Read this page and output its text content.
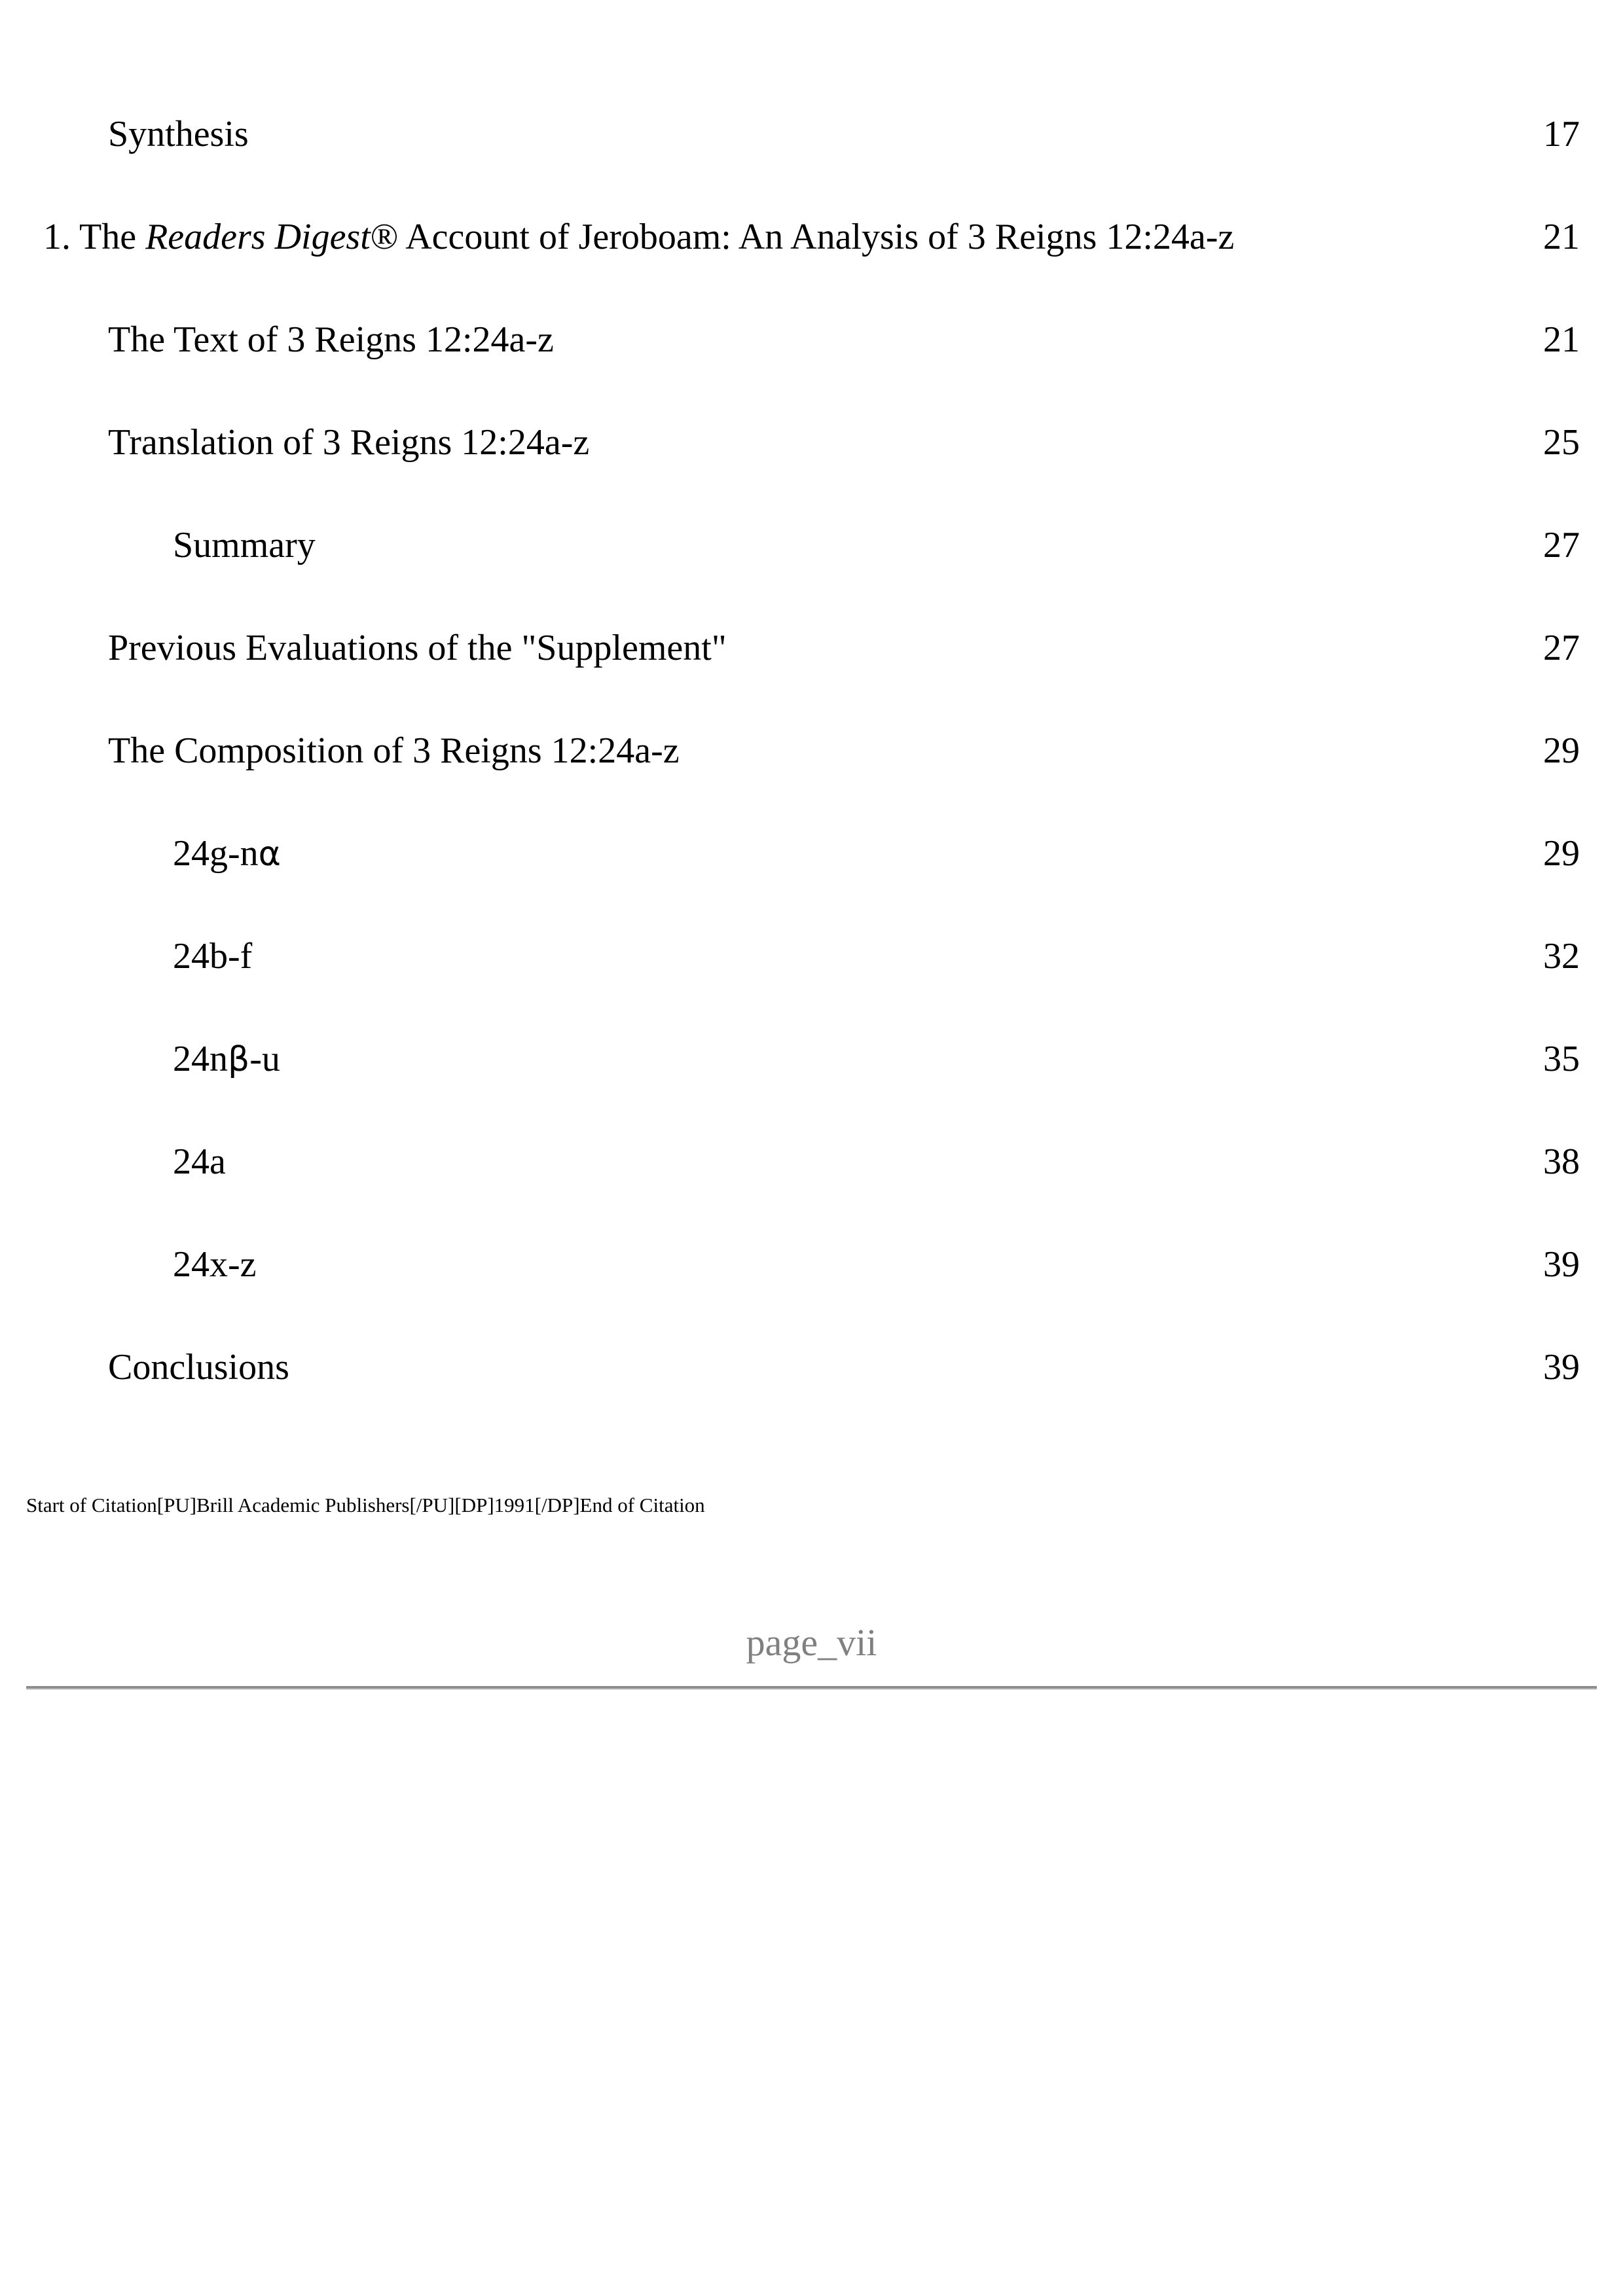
Synthesis	17
1. The Readers Digest® Account of Jeroboam: An Analysis of 3 Reigns 12:24a-z	21
The Text of 3 Reigns 12:24a-z	21
Translation of 3 Reigns 12:24a-z	25
Summary	27
Previous Evaluations of the "Supplement"	27
The Composition of 3 Reigns 12:24a-z	29
24g-nα	29
24b-f	32
24nβ-u	35
24a	38
24x-z	39
Conclusions	39
Start of Citation[PU]Brill Academic Publishers[/PU][DP]1991[/DP]End of Citation
page_vii
